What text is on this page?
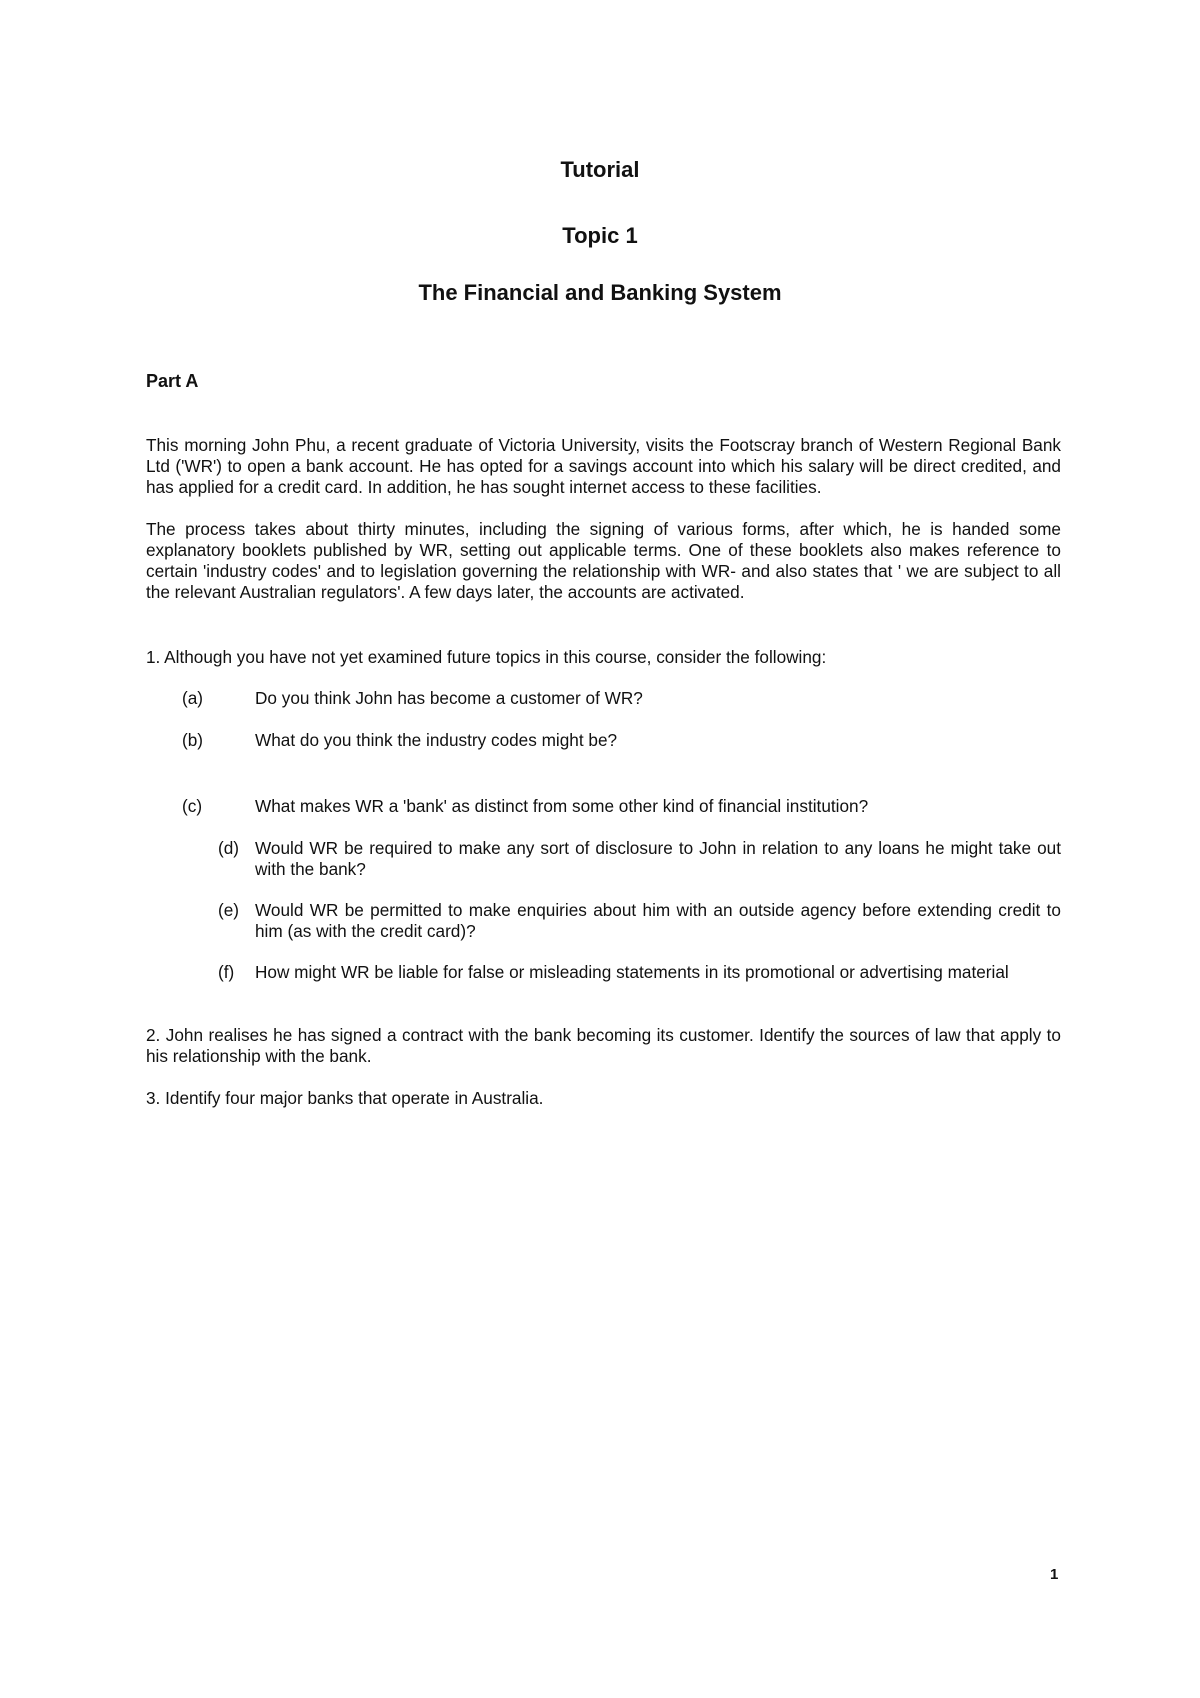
Tutorial
Topic 1
The Financial and Banking System
Part A
This morning John Phu, a recent graduate of Victoria University, visits the Footscray branch of Western Regional Bank Ltd ('WR') to open a bank account. He has opted for a savings account into which his salary will be direct credited, and has applied for a credit card. In addition, he has sought internet access to these facilities.
The process takes about thirty minutes, including the signing of various forms, after which, he is handed some explanatory booklets published by WR, setting out applicable terms. One of these booklets also makes reference to certain 'industry codes' and to legislation governing the relationship with WR- and also states that ' we are subject to all the relevant Australian regulators'. A few days later, the accounts are activated.
1. Although you have not yet examined future topics in this course, consider the following:
(a)	Do you think John has become a customer of WR?
(b)	What do you think the industry codes might be?
(c)	What makes WR a 'bank' as distinct from some other kind of financial institution?
(d) Would WR be required to make any sort of disclosure to John in relation to any loans he might take out with the bank?
(e) Would WR be permitted to make enquiries about him with an outside agency before extending credit to him (as with the credit card)?
(f) How might WR be liable for false or misleading statements in its promotional or advertising material
2. John realises he has signed a contract with the bank becoming its customer. Identify the sources of law that apply to his relationship with the bank.
3. Identify four major banks that operate in Australia.
1
